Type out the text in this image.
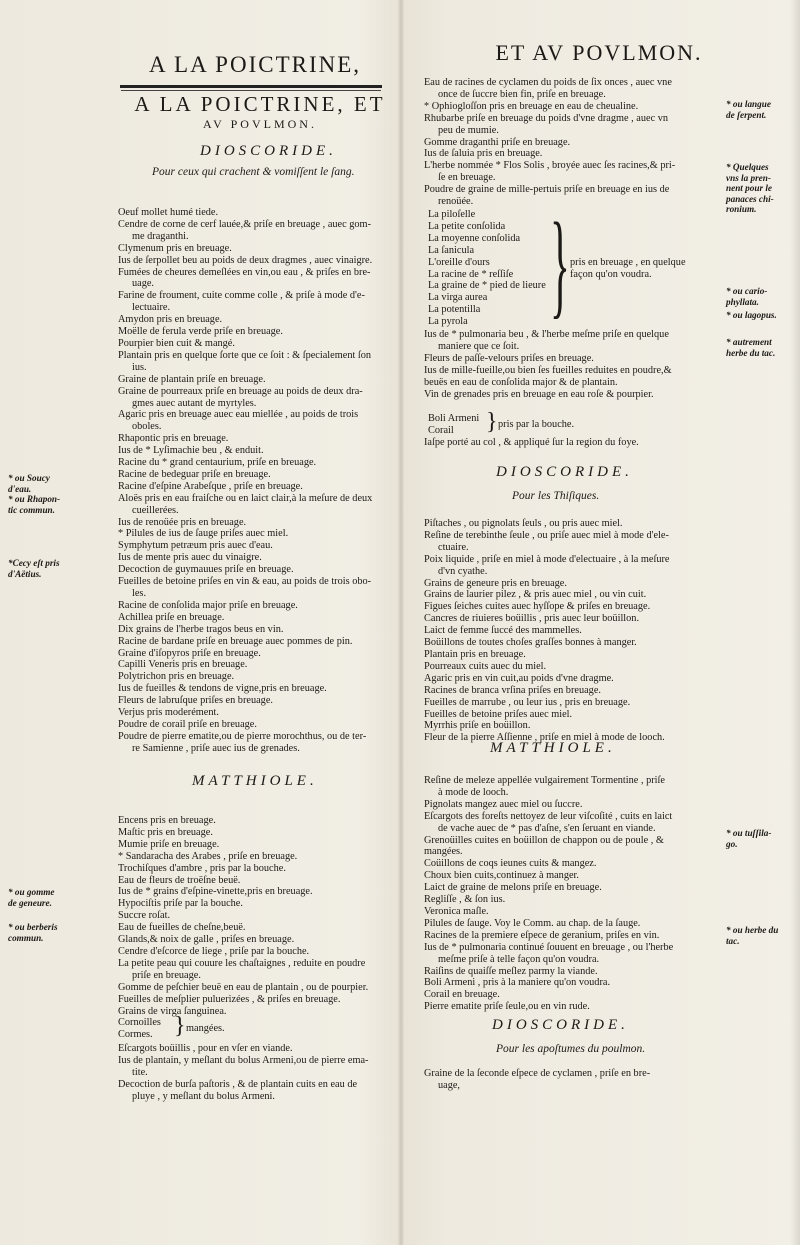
A LA POICTRINE,
A LA POICTRINE, ET
AV POVLMON.
DIOSCORIDE.
Pour ceux qui crachent & vomiſſent le ſang.
Oeuf mollet humé tiede.
Cendre de corne de cerf lauée,& priſe en breuage , auec gom-
me draganthi.
Clymenum pris en breuage.
Ius de ſerpollet beu au poids de deux dragmes , auec vinaigre.
Fumées de cheures demeſlées en vin,ou eau , & priſes en bre-
uage.
Farine de froument, cuite comme colle , & priſe à mode d'e-
lectuaire.
Amydon pris en breuage.
Moëlle de ferula verde priſe en breuage.
Pourpier bien cuit & mangé.
Plantain pris en quelque ſorte que ce ſoit : & ſpecialement ſon
ius.
Graine de plantain priſe en breuage.
Graine de pourreaux priſe en breuage au poids de deux dra-
gmes auec autant de myrtyles.
Agaric pris en breuage auec eau miellée , au poids de trois
oboles.
Rhapontic pris en breuage.
Ius de * Lyſimachie beu , & enduit.
Racine du * grand centaurium, priſe en breuage.
Racine de bedeguar priſe en breuage.
Racine d'eſpine Arabeſque , priſe en breuage.
Aloës pris en eau fraiſche ou en laict clair,à la meſure de deux
cueillerées.
Ius de renoüée pris en breuage.
* Pilules de ius de ſauge priſes auec miel.
Symphytum petræum pris auec d'eau.
Ius de mente pris auec du vinaigre.
Decoction de guymauues priſe en breuage.
Fueilles de betoine priſes en vin & eau, au poids de trois obo-
les.
Racine de conſolida major priſe en breuage.
Achillea priſe en breuage.
Dix grains de l'herbe tragos beus en vin.
Racine de bardane priſe en breuage auec pommes de pin.
Graine d'iſopyros priſe en breuage.
Capilli Veneris pris en breuage.
Polytrichon pris en breuage.
Ius de fueilles & tendons de vigne,pris en breuage.
Fleurs de labruſque priſes en breuage.
Verjus pris moderément.
Poudre de corail priſe en breuage.
Poudre de pierre ematite,ou de pierre morochthus, ou de ter-
re Samienne , priſe auec ius de grenades.
* ou Soucy
d'eau.
* ou Rhapon-
tic commun.
*Cecy eſt pris
d'Aëtius.
MATTHIOLE.
Encens pris en breuage.
Maſtic pris en breuage.
Mumie priſe en breuage.
* Sandaracha des Arabes , priſe en breuage.
Trochiſques d'ambre , pris par la bouche.
Eau de fleurs de troëſne beuë.
Ius de * grains d'eſpine-vinette,pris en breuage.
Hypociſtis priſe par la bouche.
Succre roſat.
Eau de fueilles de cheſne,beuë.
Glands,& noix de galle , priſes en breuage.
Cendre d'eſcorce de liege , priſe par la bouche.
La petite peau qui couure les chaſtaignes , reduite en poudre
priſe en breuage.
Gomme de peſchier beuë en eau de plantain , ou de pourpier.
Fueilles de meſplier puluerizées , & priſes en breuage.
Grains de virga ſanguinea.
Cornoilles
Cormes. } mangées.
Eſcargots boüillis , pour en vſer en viande.
Ius de plantain, y meſlant du bolus Armeni,ou de pierre ema-
tite.
Decoction de burſa paſtoris , & de plantain cuits en eau de
pluye , y meſlant du bolus Armeni.
* ou gomme
de geneure.
* ou berberis
commun.
ET AV POVLMON.
Eau de racines de cyclamen du poids de ſix onces , auec vne
once de ſuccre bien fin, priſe en breuage.
* Ophiogloſſon pris en breuage en eau de cheualine.
Rhubarbe priſe en breuage du poids d'vne dragme , auec vn
peu de mumie.
Gomme draganthi priſe en breuage.
Ius de ſaluia pris en breuage.
L'herbe nommée * Flos Solis , broyée auec ſes racines,& pri-
ſe en breuage.
Poudre de graine de mille-pertuis priſe en breuage en ius de
renoüée.
La piloſelle
La petite conſolida
La moyenne conſolida
La ſanicula
L'oreille d'ours
La racine de * reſſiſe
La graine de * pied de lieure
La virga aurea
La potentilla
La pyrola } pris en breuage , en quelque
façon qu'on voudra.
Ius de * pulmonaria beu , & l'herbe meſme priſe en quelque
maniere que ce ſoit.
Fleurs de paſſe-velours priſes en breuage.
Ius de mille-fueille,ou bien ſes fueilles reduites en poudre,&
beuës en eau de conſolida major & de plantain.
Vin de grenades pris en breuage en eau roſe & pourpier.
Boli Armeni
Corail	} pris par la bouche.
Iaſpe porté au col , & appliqué ſur la region du foye.
DIOSCORIDE.
Pour les Thiſiques.
Piſtaches , ou pignolats ſeuls , ou pris auec miel.
Reſine de terebinthe ſeule , ou priſe auec miel à mode d'ele-
ctuaire.
Poix liquide , priſe en miel à mode d'electuaire , à la meſure
d'vn cyathe.
Grains de geneure pris en breuage.
Grains de laurier pilez , & pris auec miel , ou vin cuit.
Figues ſeiches cuites auec hyſſope & priſes en breuage.
Cancres de riuieres boüillis , pris auec leur boüillon.
Laict de femme ſuccé des mammelles.
Boüillons de toutes choſes graſſes bonnes à manger.
Plantain pris en breuage.
Pourreaux cuits auec du miel.
Agaric pris en vin cuit,au poids d'vne dragme.
Racines de branca vrſina priſes en breuage.
Fueilles de marrube , ou leur ius , pris en breuage.
Fueilles de betoine priſes auec miel.
Myrrhis priſe en boüillon.
Fleur de la pierre Aſſienne , priſe en miel à mode de looch.
MATTHIOLE.
Reſine de meleze appellée vulgairement Tormentine , priſe
à mode de looch.
Pignolats mangez auec miel ou ſuccre.
Eſcargots des foreſts nettoyez de leur viſcoſité , cuits en laict
de vache auec de * pas d'aſne, s'en ſeruant en viande.
Grenoüilles cuites en boüillon de chappon ou de poule , &
mangées.
Coüillons de coqs ieunes cuits & mangez.
Choux bien cuits,continuez à manger.
Laict de graine de melons priſe en breuage.
Regliſſe , & ſon ius.
Veronica maſle.
Pilules de ſauge. Voy le Comm. au chap. de la ſauge.
Racines de la premiere eſpece de geranium, priſes en vin.
Ius de * pulmonaria continué ſouuent en breuage , ou l'herbe
meſme priſe à telle façon qu'on voudra.
Raiſins de quaiſſe meſlez parmy la viande.
Boli Armeni , pris à la maniere qu'on voudra.
Corail en breuage.
Pierre ematite priſe ſeule,ou en vin rude.
DIOSCORIDE.
Pour les apoſtumes du poulmon.
Graine de la ſeconde eſpece de cyclamen , priſe en bre-
uage,
* ou langue
de ſerpent.
* Quelques
vns la pren-
nent pour le
panaces chi-
ronium.
* ou cario-
phyllata.
* ou lagopus.
* autrement
herbe du tac.
* ou tuſſila-
go.
* ou herbe du
tac.
